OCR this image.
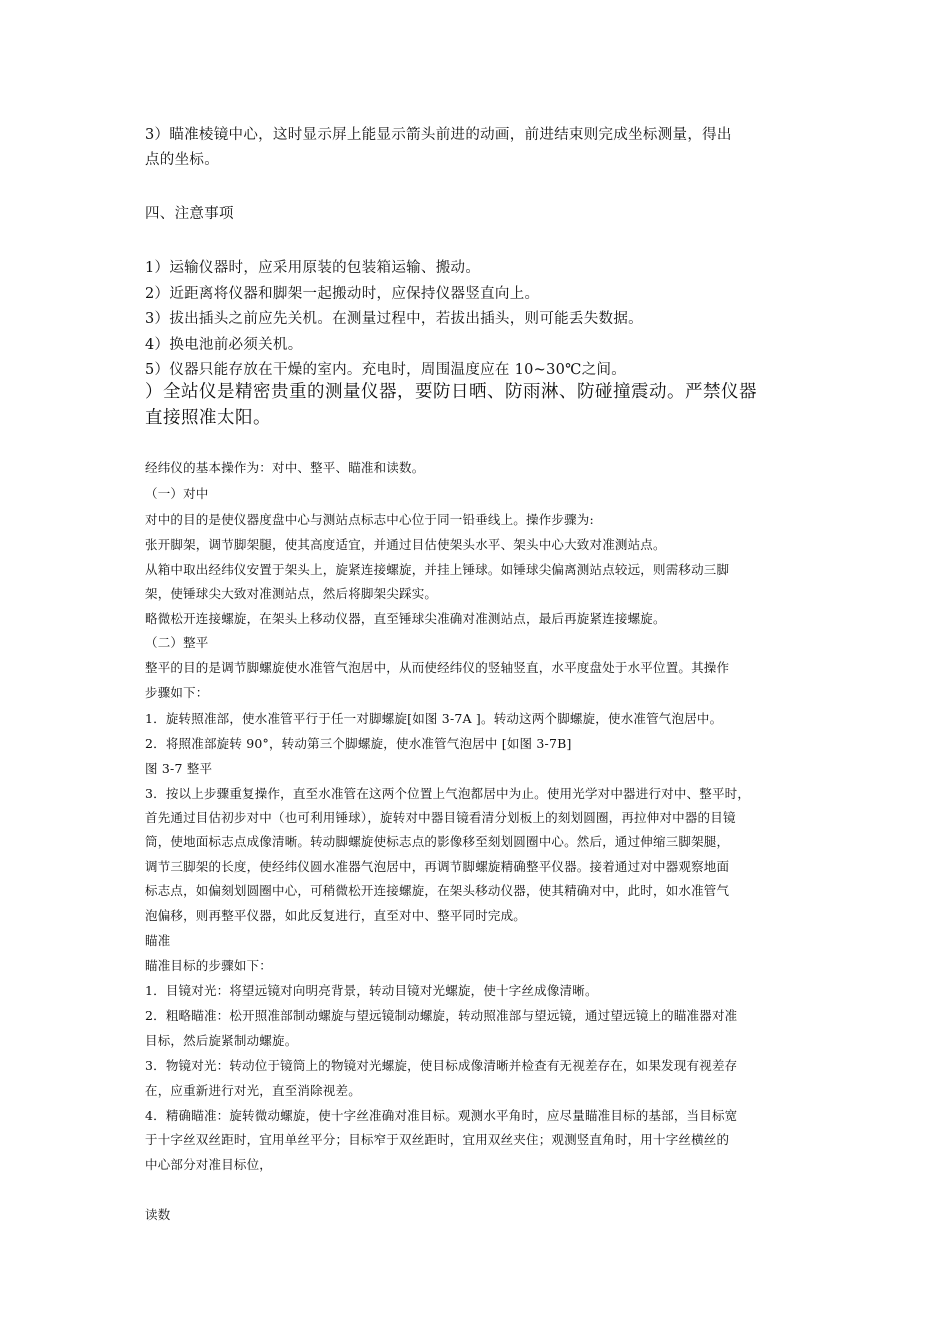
3）瞄准棱镜中心，这时显示屏上能显示箭头前进的动画，前进结束则完成坐标测量，得出
点的坐标。
四、注意事项
1）运输仪器时，应采用原装的包装箱运输、搬动。
2）近距离将仪器和脚架一起搬动时，应保持仪器竖直向上。
3）拔出插头之前应先关机。在测量过程中，若拔出插头，则可能丢失数据。
4）换电池前必须关机。
5）仪器只能存放在干燥的室内。充电时，周围温度应在 10~30℃之间。
）全站仪是精密贵重的测量仪器，要防日晒、防雨淋、防碰撞震动。严禁仪器
直接照准太阳。
经纬仪的基本操作为：对中、整平、瞄准和读数。
（一）对中
对中的目的是使仪器度盘中心与测站点标志中心位于同一铅垂线上。操作步骤为:
张开脚架，调节脚架腿，使其高度适宜，并通过目估使架头水平、架头中心大致对准测站点。
从箱中取出经纬仪安置于架头上，旋紧连接螺旋，并挂上锤球。如锤球尖偏离测站点较远，则需移动三脚
架，使锤球尖大致对准测站点，然后将脚架尖踩实。
略微松开连接螺旋，在架头上移动仪器，直至锤球尖准确对准测站点，最后再旋紧连接螺旋。
（二）整平
整平的目的是调节脚螺旋使水准管气泡居中，从而使经纬仪的竖轴竖直，水平度盘处于水平位置。其操作
步骤如下：
1．旋转照准部，使水准管平行于任一对脚螺旋[如图 3-7A ]。转动这两个脚螺旋，使水准管气泡居中。
2．将照准部旋转 90°，转动第三个脚螺旋，使水准管气泡居中 [如图 3-7B]
图 3-7 整平
3．按以上步骤重复操作，直至水准管在这两个位置上气泡都居中为止。使用光学对中器进行对中、整平时，
首先通过目估初步对中（也可利用锤球），旋转对中器目镜看清分划板上的刻划圆圈，再拉伸对中器的目镜
筒，使地面标志点成像清晰。转动脚螺旋使标志点的影像移至刻划圆圈中心。然后，通过伸缩三脚架腿，
调节三脚架的长度，使经纬仪圆水准器气泡居中，再调节脚螺旋精确整平仪器。接着通过对中器观察地面
标志点，如偏刻划圆圈中心，可稍微松开连接螺旋，在架头移动仪器，使其精确对中，此时，如水准管气
泡偏移，则再整平仪器，如此反复进行，直至对中、整平同时完成。
瞄准
瞄准目标的步骤如下：
1．目镜对光：将望远镜对向明亮背景，转动目镜对光螺旋，使十字丝成像清晰。
2．粗略瞄准：松开照准部制动螺旋与望远镜制动螺旋，转动照准部与望远镜，通过望远镜上的瞄准器对准
目标，然后旋紧制动螺旋。
3．物镜对光：转动位于镜筒上的物镜对光螺旋，使目标成像清晰并检查有无视差存在，如果发现有视差存
在，应重新进行对光，直至消除视差。
4．精确瞄准：旋转微动螺旋，使十字丝准确对准目标。观测水平角时，应尽量瞄准目标的基部，当目标宽
于十字丝双丝距时，宜用单丝平分；目标窄于双丝距时，宜用双丝夹住；观测竖直角时，用十字丝横丝的
中心部分对准目标位，
读数
